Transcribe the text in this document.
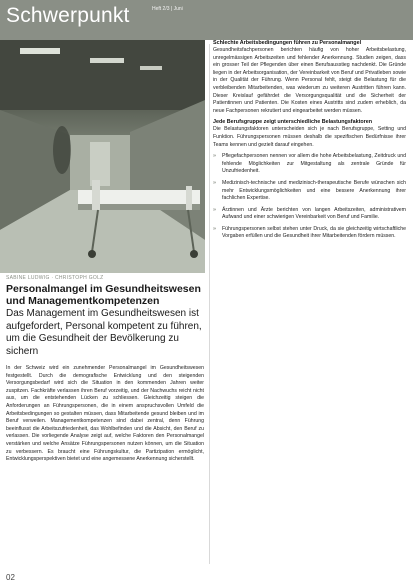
Schwerpunkt	Heft 2/3 | Juni
SABINE LUDWIG · CHRISTOPH GOLZ
Personalmangel im Gesundheitswesen und Managementkompetenzen
Das Management im Gesundheitswesen ist aufgefordert, Personal kompetent zu führen, um die Gesundheit der Bevölkerung zu sichern

In der Schweiz wird ein zunehmender Personalmangel im Gesundheitswesen festgestellt. Durch die demografische Entwicklung und den steigenden Versorgungsbedarf wird sich die Situation in den kommenden Jahren weiter zuspitzen. Fachkräfte verlassen ihren Beruf vorzeitig, und der Nachwuchs reicht nicht aus, um die entstehenden Lücken zu schliessen. Gleichzeitig steigen die Anforderungen an Führungspersonen, die in einem anspruchsvollen Umfeld die Arbeitsbedingungen so gestalten müssen, dass Mitarbeitende gesund bleiben und im Beruf verweilen. Managementkompetenzen sind dabei zentral, denn Führung beeinflusst die Arbeitszufriedenheit, das Wohlbefinden und die Absicht, den Beruf zu verlassen. Die vorliegende Analyse zeigt auf, welche Faktoren den Personalmangel verstärken und welche Ansätze Führungspersonen nutzen können, um die Situation zu verbessern. Es braucht eine Führungskultur, die Partizipation ermöglicht, Entwicklungsperspektiven bietet und eine angemessene Anerkennung sicherstellt.

Schlechte Arbeitsbedingungen führen zu Personalmangel

Gesundheitsfachpersonen berichten häufig von hoher Arbeitsbelastung, unregelmässigen Arbeitszeiten und fehlender Anerkennung. Studien zeigen, dass ein grosser Teil der Pflegenden über einen Berufsausstieg nachdenkt. Die Gründe liegen in der Arbeitsorganisation, der Vereinbarkeit von Beruf und Privatleben sowie in der Qualität der Führung. Wenn Personal fehlt, steigt die Belastung für die verbleibenden Mitarbeitenden, was wiederum zu weiteren Austritten führen kann. Dieser Kreislauf gefährdet die Versorgungsqualität und die Sicherheit der Patientinnen und Patienten. Die Kosten eines Austritts sind zudem erheblich, da neue Fachpersonen rekrutiert und eingearbeitet werden müssen.

Jede Berufsgruppe zeigt unterschiedliche Belastungsfaktoren

Die Belastungsfaktoren unterscheiden sich je nach Berufsgruppe, Setting und Funktion. Führungspersonen müssen deshalb die spezifischen Bedürfnisse ihrer Teams kennen und gezielt darauf eingehen.

» Pflegefachpersonen nennen vor allem die hohe Arbeitsbelastung, Zeitdruck und fehlende Möglichkeiten zur Mitgestaltung als zentrale Gründe für Unzufriedenheit.
» Medizinisch-technische und medizinisch-therapeutische Berufe wünschen sich mehr Entwicklungsmöglichkeiten und eine bessere Anerkennung ihrer fachlichen Expertise.
» Ärztinnen und Ärzte berichten von langen Arbeitszeiten, administrativem Aufwand und einer schwierigen Vereinbarkeit von Beruf und Familie.
» Führungspersonen selbst stehen unter Druck, da sie gleichzeitig wirtschaftliche Vorgaben erfüllen und die Gesundheit ihrer Mitarbeitenden fördern müssen.
02
